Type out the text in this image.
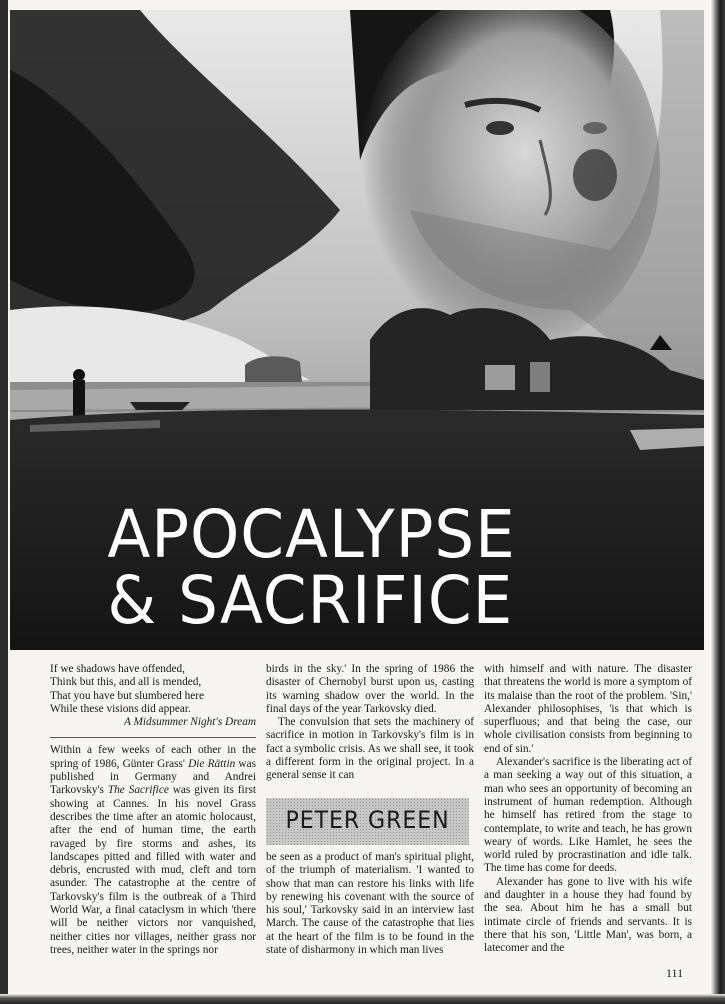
APOCALYPSE
& SACRIFICE
If we shadows have offended,
Think but this, and all is mended,
That you have but slumbered here
While these visions did appear.
A Midsummer Night's Dream

Within a few weeks of each other in the spring of 1986, Günter Grass' Die Rättin was published in Germany and Andrei Tarkovsky's The Sacrifice was given its first showing at Cannes. In his novel Grass describes the time after an atomic holocaust, after the end of human time, the earth ravaged by fire storms and ashes, its landscapes pitted and filled with water and debris, encrusted with mud, cleft and torn asunder. The catastrophe at the centre of Tarkovsky's film is the outbreak of a Third World War, a final cataclysm in which 'there will be neither victors nor vanquished, neither cities nor villages, neither grass nor trees, neither water in the springs nor

birds in the sky.' In the spring of 1986 the disaster of Chernobyl burst upon us, casting its warning shadow over the world. In the final days of the year Tarkovsky died.

The convulsion that sets the machinery of sacrifice in motion in Tarkovsky's film is in fact a symbolic crisis. As we shall see, it took a different form in the original project. In a general sense it can

PETER GREEN

be seen as a product of man's spiritual plight, of the triumph of materialism. 'I wanted to show that man can restore his links with life by renewing his covenant with the source of his soul,' Tarkovsky said in an interview last March. The cause of the catastrophe that lies at the heart of the film is to be found in the state of disharmony in which man lives

with himself and with nature. The disaster that threatens the world is more a symptom of its malaise than the root of the problem. 'Sin,' Alexander philosophises, 'is that which is superfluous; and that being the case, our whole civilisation consists from beginning to end of sin.'

Alexander's sacrifice is the liberating act of a man seeking a way out of this situation, a man who sees an opportunity of becoming an instrument of human redemption. Although he himself has retired from the stage to contemplate, to write and teach, he has grown weary of words. Like Hamlet, he sees the world ruled by procrastination and idle talk. The time has come for deeds.

Alexander has gone to live with his wife and daughter in a house they had found by the sea. About him he has a small but intimate circle of friends and servants. It is there that his son, 'Little Man', was born, a latecomer and the

111
